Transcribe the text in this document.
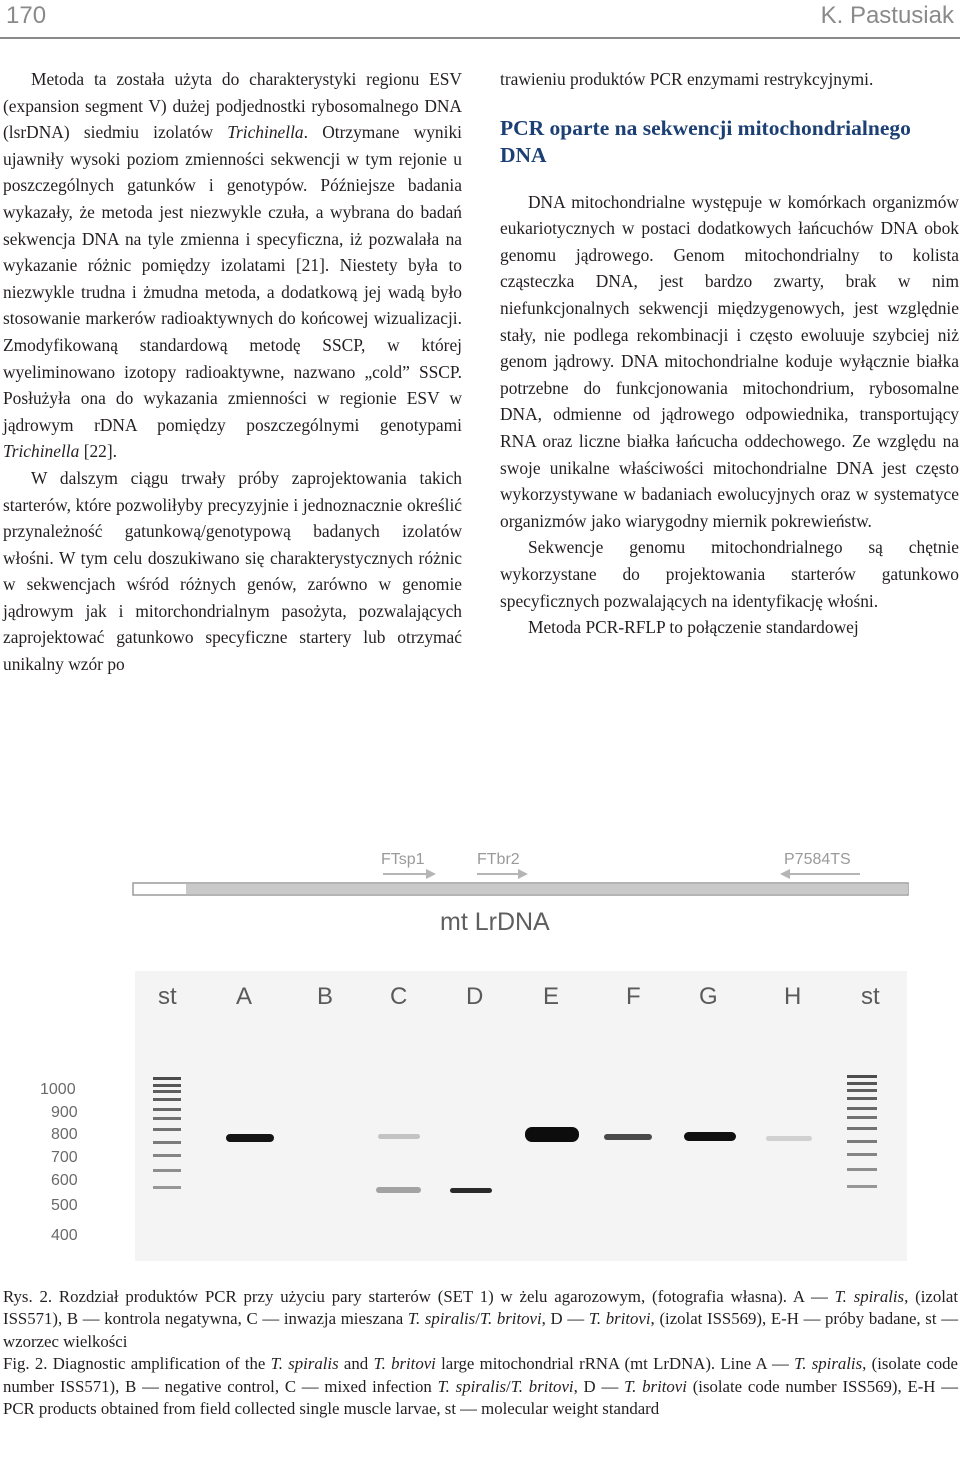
170	K. Pastusiak

Metoda ta została użyta do charakterystyki regionu ESV (expansion segment V) dużej podjednostki rybosomalnego DNA (lsrDNA) siedmiu izolatów Trichinella. Otrzymane wyniki ujawniły wysoki poziom zmienności sekwencji w tym rejonie u poszczególnych gatunków i genotypów. Późniejsze badania wykazały, że metoda jest niezwykle czuła, a wybrana do badań sekwencja DNA na tyle zmienna i specyficzna, iż pozwalała na wykazanie różnic pomiędzy izolatami [21]. Niestety była to niezwykle trudna i żmudna metoda, a dodatkową jej wadą było stosowanie markerów radioaktywnych do końcowej wizualizacji. Zmodyfikowaną standardową metodę SSCP, w której wyeliminowano izotopy radioaktywne, nazwano „cold” SSCP. Posłużyła ona do wykazania zmienności w regionie ESV w jądrowym rDNA pomiędzy poszczególnymi genotypami Trichinella [22].

W dalszym ciągu trwały próby zaprojektowania takich starterów, które pozwoliłyby precyzyjnie i jednoznacznie określić przynależność gatunkową/genotypową badanych izolatów włośni. W tym celu doszukiwano się charakterystycznych różnic w sekwencjach wśród różnych genów, zarówno w genomie jądrowym jak i mitorchondrialnym pasożyta, pozwalających zaprojektować gatunkowo specyficzne startery lub otrzymać unikalny wzór po

trawieniu produktów PCR enzymami restrykcyjnymi.

PCR oparte na sekwencji mitochondrialnego DNA

DNA mitochondrialne występuje w komórkach organizmów eukariotycznych w postaci dodatkowych łańcuchów DNA obok genomu jądrowego. Genom mitochondrialny to kolista cząsteczka DNA, jest bardzo zwarty, brak w nim niefunkcjonalnych sekwencji międzygenowych, jest względnie stały, nie podlega rekombinacji i często ewoluuje szybciej niż genom jądrowy. DNA mitochondrialne koduje wyłącznie białka potrzebne do funkcjonowania mitochondrium, rybosomalne DNA, odmienne od jądrowego odpowiednika, transportujący RNA oraz liczne białka łańcucha oddechowego. Ze względu na swoje unikalne właściwości mitochondrialne DNA jest często wykorzystywane w badaniach ewolucyjnych oraz w systematyce organizmów jako wiarygodny miernik pokrewieństw.

Sekwencje genomu mitochondrialnego są chętnie wykorzystane do projektowania starterów gatunkowo specyficznych pozwalających na identyfikację włośni.

Metoda PCR-RFLP to połączenie standardowej

FTsp1	FTbr2	P7584TS
mt LrDNA
st A	B C D E	F G	H st
1000
900
800
700
600
500
400

Rys. 2. Rozdział produktów PCR przy użyciu pary starterów (SET 1) w żelu agarozowym, (fotografia własna). A — T. spiralis, (izolat ISS571), B — kontrola negatywna, C — inwazja mieszana T. spiralis/T. britovi, D — T. britovi, (izolat ISS569), E-H — próby badane, st — wzorzec wielkości

Fig. 2. Diagnostic amplification of the T. spiralis and T. britovi large mitochondrial rRNA (mt LrDNA). Line A — T. spiralis, (isolate code number ISS571), B — negative control, C — mixed infection T. spiralis/T. britovi, D — T. britovi (isolate code number ISS569), E-H — PCR products obtained from field collected single muscle larvae, st — molecular weight standard
